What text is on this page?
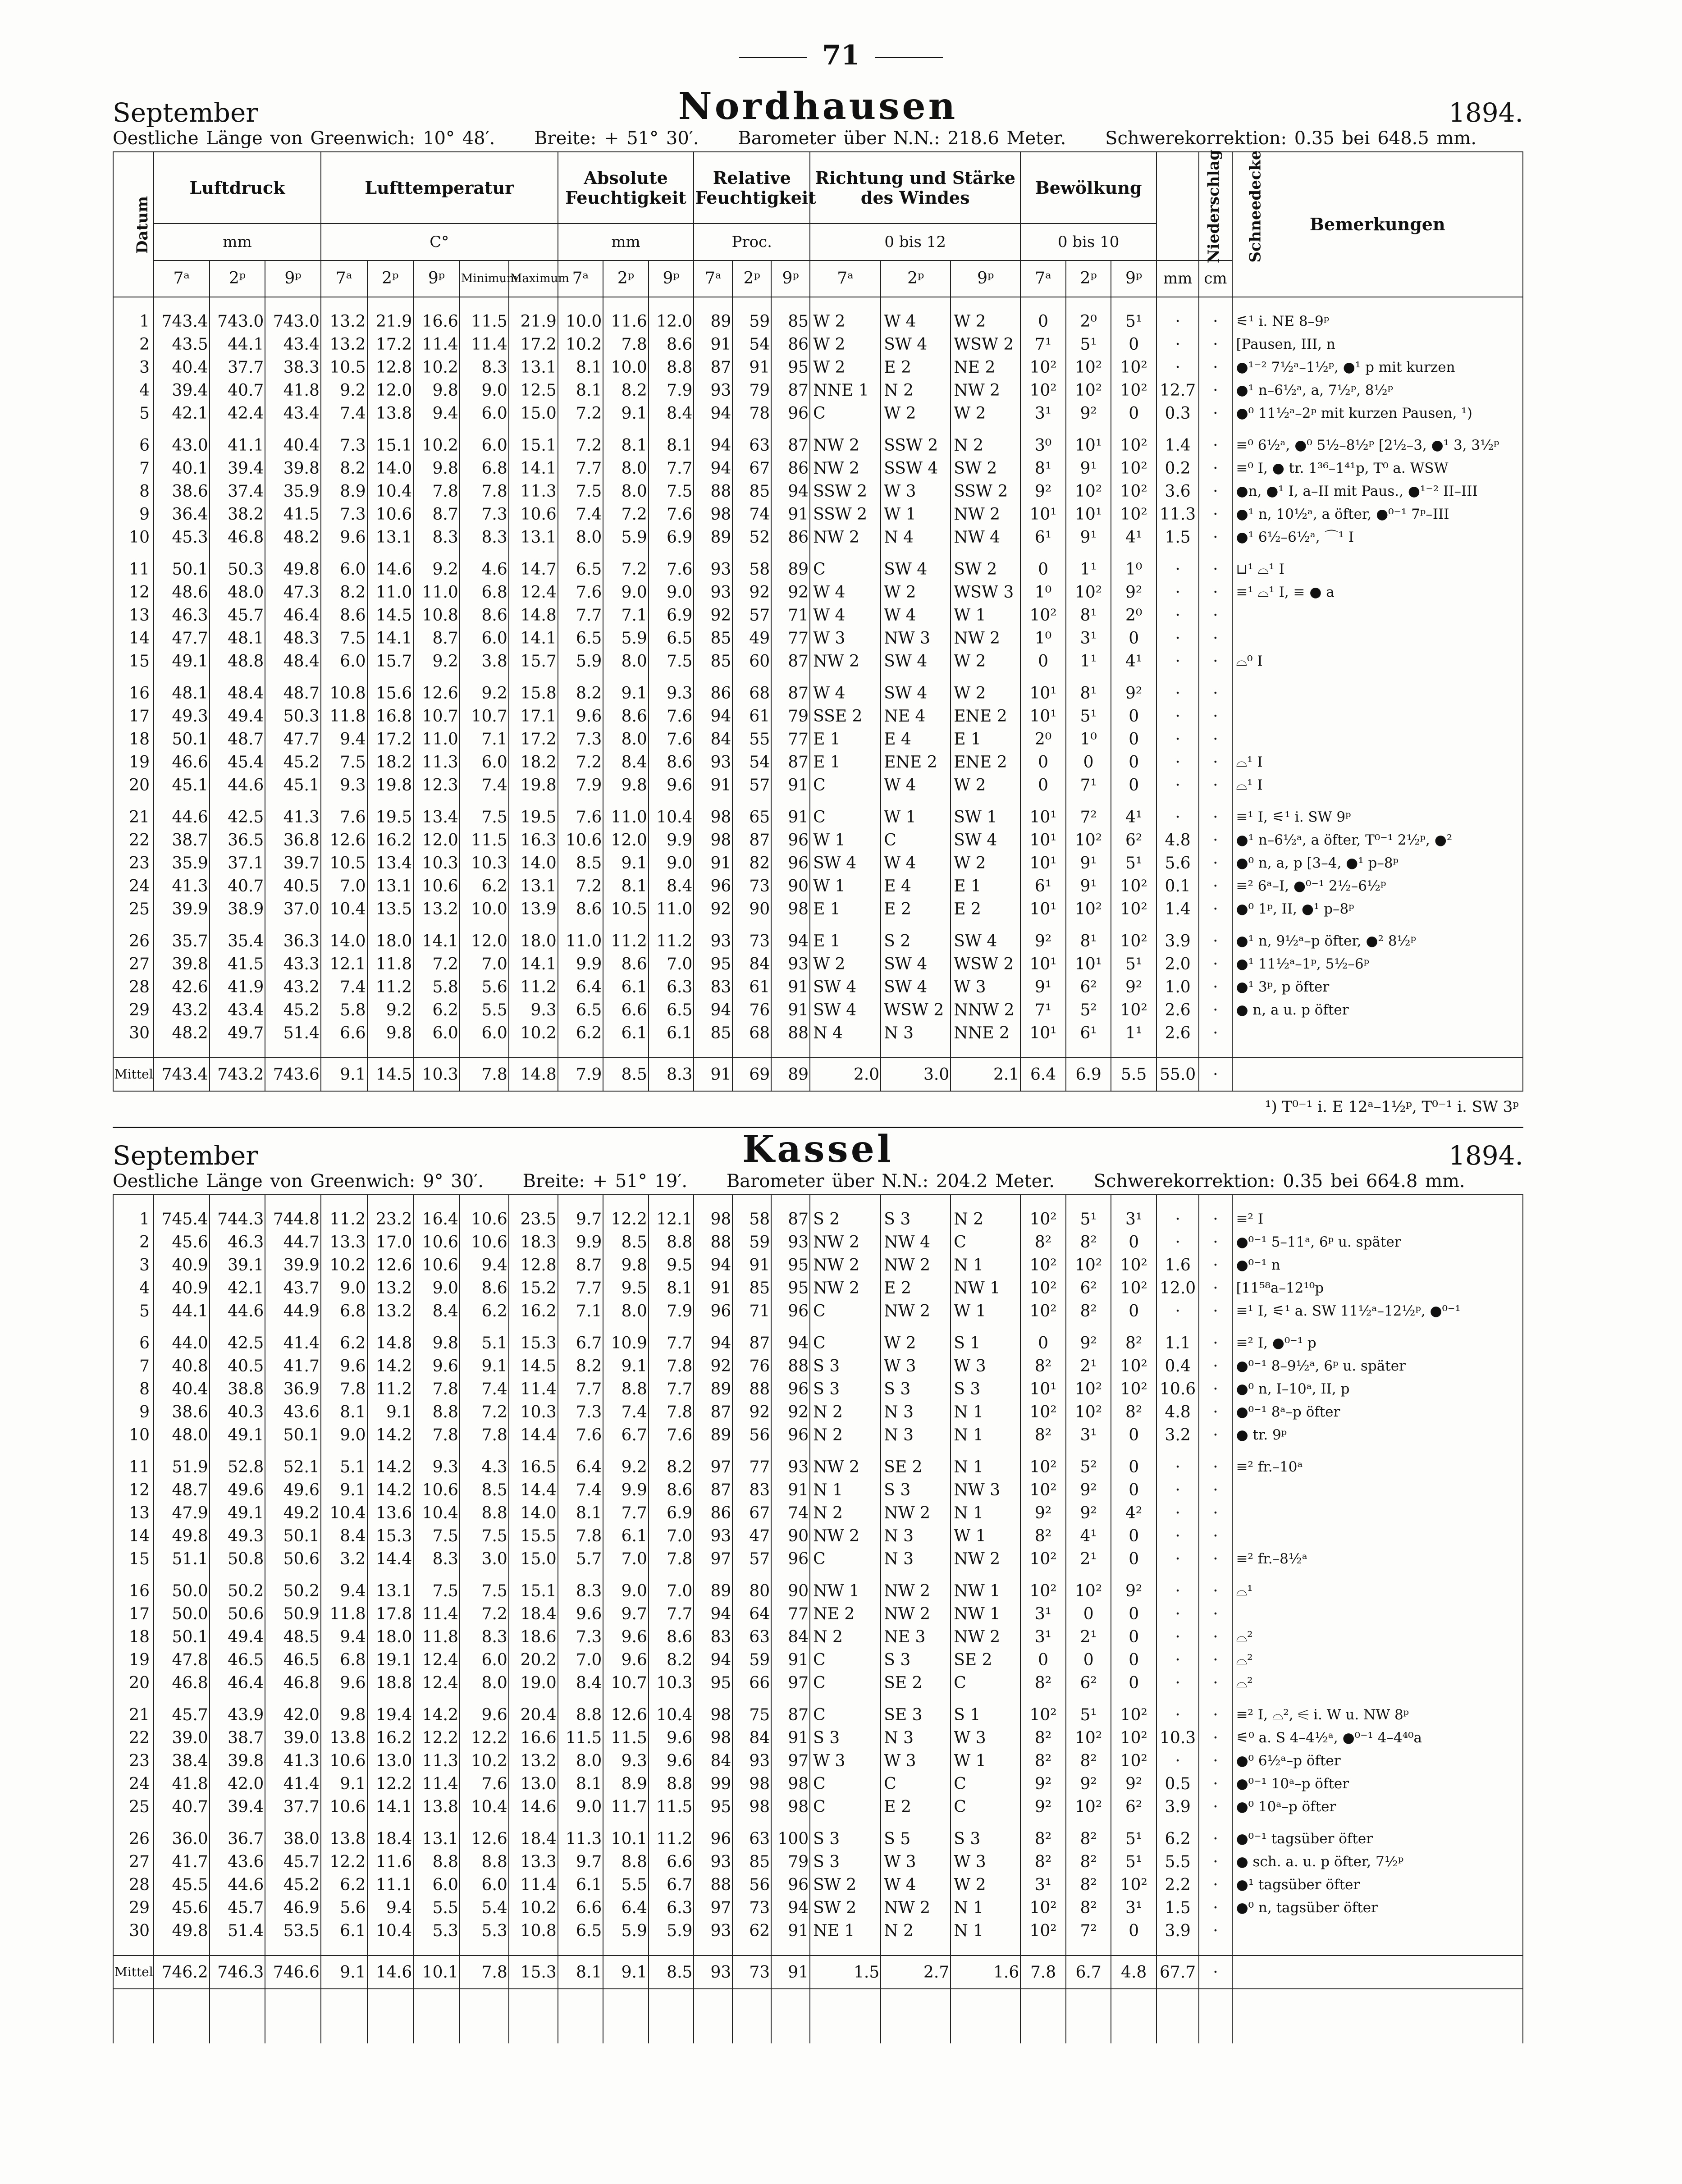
71
September	Nordhausen	1894.
Oestliche Länge von Greenwich: 10° 48′. Breite: + 51° 30′. Barometer über N.N.: 218.6 Meter. Schwerekorrektion: 0.35 bei 648.5 mm.
Datum	Luftdruck			Lufttemperatur					Absolute Feuchtigkeit			Relative Feuchtigkeit			Richtung und Stärke des Windes			Bewölkung			Niederschlag	Schneedecke	Bemerkungen
	mm			C°					mm			Proc.			0 bis 12			0 bis 10					
	7ᵃ	2ᵖ	9ᵖ	7ᵃ	2ᵖ	9ᵖ	Minimum	Maximum	7ᵃ	2ᵖ	9ᵖ	7ᵃ	2ᵖ	9ᵖ	7ᵃ	2ᵖ	9ᵖ	7ᵃ	2ᵖ	9ᵖ	mm	cm	

1	743.4	743.0	743.0	13.2	21.9	16.6	11.5	21.9	10.0	11.6	12.0	89	59	85	W 2	W 4	W 2	0	2⁰	5¹	·	·	⚟¹ i. NE 8–9ᵖ
2	43.5	44.1	43.4	13.2	17.2	11.4	11.4	17.2	10.2	7.8	8.6	91	54	86	W 2	SW 4	WSW 2	7¹	5¹	0	·	·	[Pausen, III, n
3	40.4	37.7	38.3	10.5	12.8	10.2	8.3	13.1	8.1	10.0	8.8	87	91	95	W 2	E 2	NE 2	10²	10²	10²	·	·	●¹⁻² 7½ᵃ–1½ᵖ, ●¹ p mit kurzen
4	39.4	40.7	41.8	9.2	12.0	9.8	9.0	12.5	8.1	8.2	7.9	93	79	87	NNE 1	N 2	NW 2	10²	10²	10²	12.7	·	●¹ n–6½ᵃ, a, 7½ᵖ, 8½ᵖ
5	42.1	42.4	43.4	7.4	13.8	9.4	6.0	15.0	7.2	9.1	8.4	94	78	96	C	W 2	W 2	3¹	9²	0	0.3	·	●⁰ 11½ᵃ–2ᵖ mit kurzen Pausen, ¹)
6	43.0	41.1	40.4	7.3	15.1	10.2	6.0	15.1	7.2	8.1	8.1	94	63	87	NW 2	SSW 2	N 2	3⁰	10¹	10²	1.4	·	≡⁰ 6½ᵃ, ●⁰ 5½–8½ᵖ [2½–3, ●¹ 3, 3½ᵖ
7	40.1	39.4	39.8	8.2	14.0	9.8	6.8	14.1	7.7	8.0	7.7	94	67	86	NW 2	SSW 4	SW 2	8¹	9¹	10²	0.2	·	≡⁰ I, ● tr. 1³⁶–1⁴¹p, T⁰ a. WSW
8	38.6	37.4	35.9	8.9	10.4	7.8	7.8	11.3	7.5	8.0	7.5	88	85	94	SSW 2	W 3	SSW 2	9²	10²	10²	3.6	·	●n, ●¹ I, a–II mit Paus., ●¹⁻² II–III
9	36.4	38.2	41.5	7.3	10.6	8.7	7.3	10.6	7.4	7.2	7.6	98	74	91	SSW 2	W 1	NW 2	10¹	10¹	10²	11.3	·	●¹ n, 10½ᵃ, a öfter, ●⁰⁻¹ 7ᵖ–III
10	45.3	46.8	48.2	9.6	13.1	8.3	8.3	13.1	8.0	5.9	6.9	89	52	86	NW 2	N 4	NW 4	6¹	9¹	4¹	1.5	·	●¹ 6½–6½ᵃ, ⌒¹ I
11	50.1	50.3	49.8	6.0	14.6	9.2	4.6	14.7	6.5	7.2	7.6	93	58	89	C	SW 4	SW 2	0	1¹	1⁰	·	·	⊔¹ ⌓¹ I
12	48.6	48.0	47.3	8.2	11.0	11.0	6.8	12.4	7.6	9.0	9.0	93	92	92	W 4	W 2	WSW 3	1⁰	10²	9²	·	·	≡¹ ⌓¹ I, ≡ ● a
13	46.3	45.7	46.4	8.6	14.5	10.8	8.6	14.8	7.7	7.1	6.9	92	57	71	W 4	W 4	W 1	10²	8¹	2⁰	·	·	
14	47.7	48.1	48.3	7.5	14.1	8.7	6.0	14.1	6.5	5.9	6.5	85	49	77	W 3	NW 3	NW 2	1⁰	3¹	0	·	·	
15	49.1	48.8	48.4	6.0	15.7	9.2	3.8	15.7	5.9	8.0	7.5	85	60	87	NW 2	SW 4	W 2	0	1¹	4¹	·	·	⌓⁰ I
16	48.1	48.4	48.7	10.8	15.6	12.6	9.2	15.8	8.2	9.1	9.3	86	68	87	W 4	SW 4	W 2	10¹	8¹	9²	·	·	
17	49.3	49.4	50.3	11.8	16.8	10.7	10.7	17.1	9.6	8.6	7.6	94	61	79	SSE 2	NE 4	ENE 2	10¹	5¹	0	·	·	
18	50.1	48.7	47.7	9.4	17.2	11.0	7.1	17.2	7.3	8.0	7.6	84	55	77	E 1	E 4	E 1	2⁰	1⁰	0	·	·	
19	46.6	45.4	45.2	7.5	18.2	11.3	6.0	18.2	7.2	8.4	8.6	93	54	87	E 1	ENE 2	ENE 2	0	0	0	·	·	⌓¹ I
20	45.1	44.6	45.1	9.3	19.8	12.3	7.4	19.8	7.9	9.8	9.6	91	57	91	C	W 4	W 2	0	7¹	0	·	·	⌓¹ I
21	44.6	42.5	41.3	7.6	19.5	13.4	7.5	19.5	7.6	11.0	10.4	98	65	91	C	W 1	SW 1	10¹	7²	4¹	·	·	≡¹ I, ⚟¹ i. SW 9ᵖ
22	38.7	36.5	36.8	12.6	16.2	12.0	11.5	16.3	10.6	12.0	9.9	98	87	96	W 1	C	SW 4	10¹	10²	6²	4.8	·	●¹ n–6½ᵃ, a öfter, T⁰⁻¹ 2½ᵖ, ●²
23	35.9	37.1	39.7	10.5	13.4	10.3	10.3	14.0	8.5	9.1	9.0	91	82	96	SW 4	W 4	W 2	10¹	9¹	5¹	5.6	·	●⁰ n, a, p [3–4, ●¹ p–8ᵖ
24	41.3	40.7	40.5	7.0	13.1	10.6	6.2	13.1	7.2	8.1	8.4	96	73	90	W 1	E 4	E 1	6¹	9¹	10²	0.1	·	≡² 6ᵃ–I, ●⁰⁻¹ 2½–6½ᵖ
25	39.9	38.9	37.0	10.4	13.5	13.2	10.0	13.9	8.6	10.5	11.0	92	90	98	E 1	E 2	E 2	10¹	10²	10²	1.4	·	●⁰ 1ᵖ, II, ●¹ p–8ᵖ
26	35.7	35.4	36.3	14.0	18.0	14.1	12.0	18.0	11.0	11.2	11.2	93	73	94	E 1	S 2	SW 4	9²	8¹	10²	3.9	·	●¹ n, 9½ᵃ–p öfter, ●² 8½ᵖ
27	39.8	41.5	43.3	12.1	11.8	7.2	7.0	14.1	9.9	8.6	7.0	95	84	93	W 2	SW 4	WSW 2	10¹	10¹	5¹	2.0	·	●¹ 11½ᵃ–1ᵖ, 5½–6ᵖ
28	42.6	41.9	43.2	7.4	11.2	5.8	5.6	11.2	6.4	6.1	6.3	83	61	91	SW 4	SW 4	W 3	9¹	6²	9²	1.0	·	●¹ 3ᵖ, p öfter
29	43.2	43.4	45.2	5.8	9.2	6.2	5.5	9.3	6.5	6.6	6.5	94	76	91	SW 4	WSW 2	NNW 2	7¹	5²	10²	2.6	·	● n, a u. p öfter
30	48.2	49.7	51.4	6.6	9.8	6.0	6.0	10.2	6.2	6.1	6.1	85	68	88	N 4	N 3	NNE 2	10¹	6¹	1¹	2.6	·	

Mittel	743.4	743.2	743.6	9.1	14.5	10.3	7.8	14.8	7.9	8.5	8.3	91	69	89	2.0	3.0	2.1	6.4	6.9	5.5	55.0	·	
¹) T⁰⁻¹ i. E 12ᵃ–1½ᵖ, T⁰⁻¹ i. SW 3ᵖ
September	Kassel	1894.
Oestliche Länge von Greenwich: 9° 30′. Breite: + 51° 19′. Barometer über N.N.: 204.2 Meter. Schwerekorrektion: 0.35 bei 664.8 mm.

1	745.4	744.3	744.8	11.2	23.2	16.4	10.6	23.5	9.7	12.2	12.1	98	58	87	S 2	S 3	N 2	10²	5¹	3¹	·	·	≡² I
2	45.6	46.3	44.7	13.3	17.0	10.6	10.6	18.3	9.9	8.5	8.8	88	59	93	NW 2	NW 4	C	8²	8²	0	·	·	●⁰⁻¹ 5–11ᵃ, 6ᵖ u. später
3	40.9	39.1	39.9	10.2	12.6	10.6	9.4	12.8	8.7	9.8	9.5	94	91	95	NW 2	NW 2	N 1	10²	10²	10²	1.6	·	●⁰⁻¹ n
4	40.9	42.1	43.7	9.0	13.2	9.0	8.6	15.2	7.7	9.5	8.1	91	85	95	NW 2	E 2	NW 1	10²	6²	10²	12.0	·	[11⁵⁸a–12¹⁰p
5	44.1	44.6	44.9	6.8	13.2	8.4	6.2	16.2	7.1	8.0	7.9	96	71	96	C	NW 2	W 1	10²	8²	0	·	·	≡¹ I, ⚟¹ a. SW 11½ᵃ–12½ᵖ, ●⁰⁻¹
6	44.0	42.5	41.4	6.2	14.8	9.8	5.1	15.3	6.7	10.9	7.7	94	87	94	C	W 2	S 1	0	9²	8²	1.1	·	≡² I, ●⁰⁻¹ p
7	40.8	40.5	41.7	9.6	14.2	9.6	9.1	14.5	8.2	9.1	7.8	92	76	88	S 3	W 3	W 3	8²	2¹	10²	0.4	·	●⁰⁻¹ 8–9½ᵃ, 6ᵖ u. später
8	40.4	38.8	36.9	7.8	11.2	7.8	7.4	11.4	7.7	8.8	7.7	89	88	96	S 3	S 3	S 3	10¹	10²	10²	10.6	·	●⁰ n, I–10ᵃ, II, p
9	38.6	40.3	43.6	8.1	9.1	8.8	7.2	10.3	7.3	7.4	7.8	87	92	92	N 2	N 3	N 1	10²	10²	8²	4.8	·	●⁰⁻¹ 8ᵃ–p öfter
10	48.0	49.1	50.1	9.0	14.2	7.8	7.8	14.4	7.6	6.7	7.6	89	56	96	N 2	N 3	N 1	8²	3¹	0	3.2	·	● tr. 9ᵖ
11	51.9	52.8	52.1	5.1	14.2	9.3	4.3	16.5	6.4	9.2	8.2	97	77	93	NW 2	SE 2	N 1	10²	5²	0	·	·	≡² fr.–10ᵃ
12	48.7	49.6	49.6	9.1	14.2	10.6	8.5	14.4	7.4	9.9	8.6	87	83	91	N 1	S 3	NW 3	10²	9²	0	·	·	
13	47.9	49.1	49.2	10.4	13.6	10.4	8.8	14.0	8.1	7.7	6.9	86	67	74	N 2	NW 2	N 1	9²	9²	4²	·	·	
14	49.8	49.3	50.1	8.4	15.3	7.5	7.5	15.5	7.8	6.1	7.0	93	47	90	NW 2	N 3	W 1	8²	4¹	0	·	·	
15	51.1	50.8	50.6	3.2	14.4	8.3	3.0	15.0	5.7	7.0	7.8	97	57	96	C	N 3	NW 2	10²	2¹	0	·	·	≡² fr.–8½ᵃ
16	50.0	50.2	50.2	9.4	13.1	7.5	7.5	15.1	8.3	9.0	7.0	89	80	90	NW 1	NW 2	NW 1	10²	10²	9²	·	·	⌓¹
17	50.0	50.6	50.9	11.8	17.8	11.4	7.2	18.4	9.6	9.7	7.7	94	64	77	NE 2	NW 2	NW 1	3¹	0	0	·	·	
18	50.1	49.4	48.5	9.4	18.0	11.8	8.3	18.6	7.3	9.6	8.6	83	63	84	N 2	NE 3	NW 2	3¹	2¹	0	·	·	⌓²
19	47.8	46.5	46.5	6.8	19.1	12.4	6.0	20.2	7.0	9.6	8.2	94	59	91	C	S 3	SE 2	0	0	0	·	·	⌓²
20	46.8	46.4	46.8	9.6	18.8	12.4	8.0	19.0	8.4	10.7	10.3	95	66	97	C	SE 2	C	8²	6²	0	·	·	⌓²
21	45.7	43.9	42.0	9.8	19.4	14.2	9.6	20.4	8.8	12.6	10.4	98	75	87	C	SE 3	S 1	10²	5¹	10²	·	·	≡² I, ⌓², ⚟ i. W u. NW 8ᵖ
22	39.0	38.7	39.0	13.8	16.2	12.2	12.2	16.6	11.5	11.5	9.6	98	84	91	S 3	N 3	W 3	8²	10²	10²	10.3	·	⚟⁰ a. S 4–4½ᵃ, ●⁰⁻¹ 4–4⁴⁰a
23	38.4	39.8	41.3	10.6	13.0	11.3	10.2	13.2	8.0	9.3	9.6	84	93	97	W 3	W 3	W 1	8²	8²	10²	·	·	●⁰ 6½ᵃ–p öfter
24	41.8	42.0	41.4	9.1	12.2	11.4	7.6	13.0	8.1	8.9	8.8	99	98	98	C	C	C	9²	9²	9²	0.5	·	●⁰⁻¹ 10ᵃ–p öfter
25	40.7	39.4	37.7	10.6	14.1	13.8	10.4	14.6	9.0	11.7	11.5	95	98	98	C	E 2	C	9²	10²	6²	3.9	·	●⁰ 10ᵃ–p öfter
26	36.0	36.7	38.0	13.8	18.4	13.1	12.6	18.4	11.3	10.1	11.2	96	63	100	S 3	S 5	S 3	8²	8²	5¹	6.2	·	●⁰⁻¹ tagsüber öfter
27	41.7	43.6	45.7	12.2	11.6	8.8	8.8	13.3	9.7	8.8	6.6	93	85	79	S 3	W 3	W 3	8²	8²	5¹	5.5	·	● sch. a. u. p öfter, 7½ᵖ
28	45.5	44.6	45.2	6.2	11.1	6.0	6.0	11.4	6.1	5.5	6.7	88	56	96	SW 2	W 4	W 2	3¹	8²	10²	2.2	·	●¹ tagsüber öfter
29	45.6	45.7	46.9	5.6	9.4	5.5	5.4	10.2	6.6	6.4	6.3	97	73	94	SW 2	NW 2	N 1	10²	8²	3¹	1.5	·	●⁰ n, tagsüber öfter
30	49.8	51.4	53.5	6.1	10.4	5.3	5.3	10.8	6.5	5.9	5.9	93	62	91	NE 1	N 2	N 1	10²	7²	0	3.9	·	

Mittel	746.2	746.3	746.6	9.1	14.6	10.1	7.8	15.3	8.1	9.1	8.5	93	73	91	1.5	2.7	1.6	7.8	6.7	4.8	67.7	·	
